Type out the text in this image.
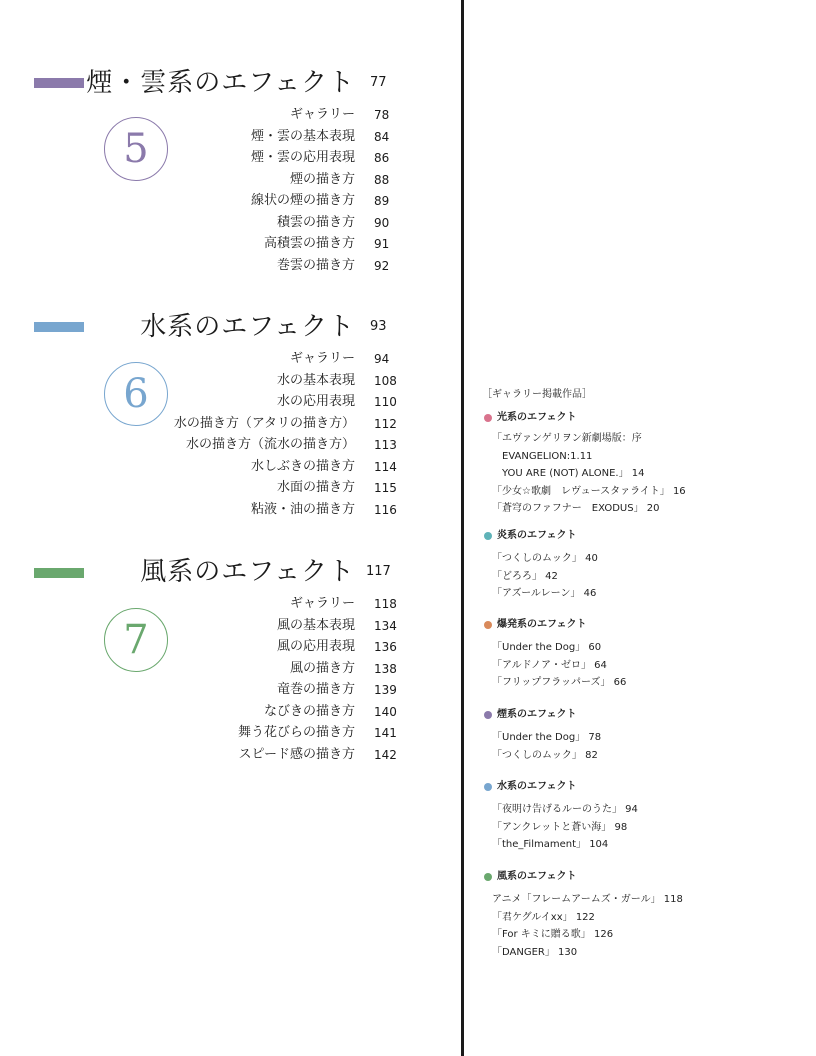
煙・雲系のエフェクト 77
5
ギャラリー 78
煙・雲の基本表現 84
煙・雲の応用表現 86
煙の描き方 88
線状の煙の描き方 89
積雲の描き方 90
高積雲の描き方 91
巻雲の描き方 92
水系のエフェクト 93
6
ギャラリー 94
水の基本表現 108
水の応用表現 110
水の描き方（アタリの描き方） 112
水の描き方（流水の描き方） 113
水しぶきの描き方 114
水面の描き方 115
粘液・油の描き方 116
風系のエフェクト 117
7
ギャラリー 118
風の基本表現 134
風の応用表現 136
風の描き方 138
竜巻の描き方 139
なびきの描き方 140
舞う花びらの描き方 141
スピード感の描き方 142
［ギャラリー掲載作品］
光系のエフェクト
「エヴァンゲリヲン新劇場版：序
EVANGELION:1.11
YOU ARE (NOT) ALONE.」 14
「少女☆歌劇　レヴュースタァライト」 16
「蒼穹のファフナー　EXODUS」 20
炎系のエフェクト
「つくしのムック」 40
「どろろ」 42
「アズールレーン」 46
爆発系のエフェクト
「Under the Dog」 60
「アルドノア・ゼロ」 64
「フリップフラッパーズ」 66
煙系のエフェクト
「Under the Dog」 78
「つくしのムック」 82
水系のエフェクト
「夜明け告げるルーのうた」 94
「アンクレットと蒼い海」 98
「the_Filmament」 104
風系のエフェクト
アニメ「フレームアームズ・ガール」 118
「君ケグルイxx」 122
「For キミに贈る歌」 126
「DANGER」 130
